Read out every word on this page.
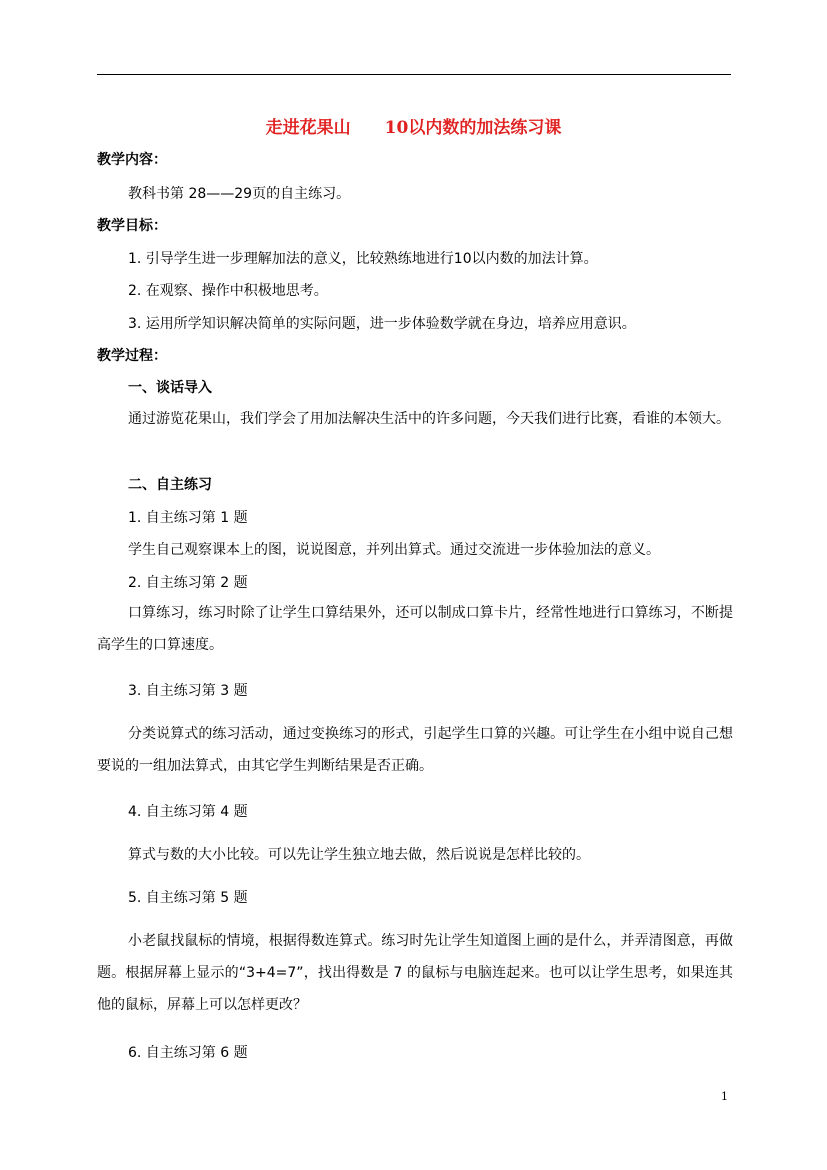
走进花果山 10以内数的加法练习课
教学内容：
教科书第 28——29页的自主练习。
教学目标：
1. 引导学生进一步理解加法的意义，比较熟练地进行10以内数的加法计算。
2. 在观察、操作中积极地思考。
3. 运用所学知识解决简单的实际问题，进一步体验数学就在身边，培养应用意识。
教学过程：
一、谈话导入
通过游览花果山，我们学会了用加法解决生活中的许多问题，今天我们进行比赛，看谁的本领大。
二、自主练习
1. 自主练习第 1 题
学生自己观察课本上的图，说说图意，并列出算式。通过交流进一步体验加法的意义。
2. 自主练习第 2 题
口算练习，练习时除了让学生口算结果外，还可以制成口算卡片，经常性地进行口算练习，不断提高学生的口算速度。
3. 自主练习第 3 题
分类说算式的练习活动，通过变换练习的形式，引起学生口算的兴趣。可让学生在小组中说自己想要说的一组加法算式，由其它学生判断结果是否正确。
4. 自主练习第 4 题
算式与数的大小比较。可以先让学生独立地去做，然后说说是怎样比较的。
5. 自主练习第 5 题
小老鼠找鼠标的情境，根据得数连算式。练习时先让学生知道图上画的是什么，并弄清图意，再做题。根据屏幕上显示的“3+4=7”，找出得数是 7 的鼠标与电脑连起来。也可以让学生思考，如果连其他的鼠标，屏幕上可以怎样更改？
6. 自主练习第 6 题
1
